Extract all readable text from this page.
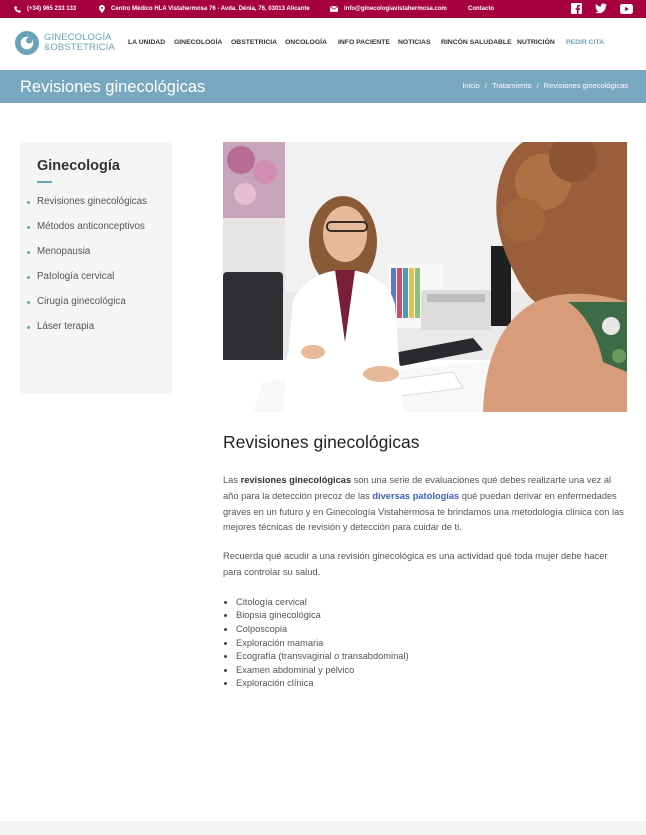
(+34) 965 233 133	Centro Médico HLA Vistahermosa 76 - Avda. Dénia, 76, 03013 Alicante	info@ginecologiavistahermosa.com	Contacto
GINECOLOGÍA
&OBSTETRICIA LA UNIDAD GINECOLOGÍA OBSTETRICIA ONCOLOGÍA INFO PACIENTE NOTICIAS RINCÓN SALUDABLE NUTRICIÓN PEDIR CITA
Revisiones ginecológicas	Inicio / Tratamiento / Revisiones ginecológicas
Ginecología
Revisiones ginecológicas
Métodos anticonceptivos
Menopausia
Patología cervical
Cirugía ginecológica
Láser terapia
Revisiones ginecológicas

Las revisiones ginecológicas son una serie de evaluaciones qué debes realizarte una vez al año para la detección precoz de las diversas patologías qué puedan derivar en enfermedades graves en un futuro y en Ginecología Vistahermosa te brindamos una metodología clínica con las mejores técnicas de revisión y detección para cuidar de ti.

Recuerda qué acudir a una revisión ginecológica es una actividad qué toda mujer debe hacer para controlar su salud.

Citología cervical
Biopsia ginecológica
Colposcopia
Exploración mamaria
Ecografía (transvaginal o transabdominal)
Examen abdominal y pélvico
Exploración clínica
